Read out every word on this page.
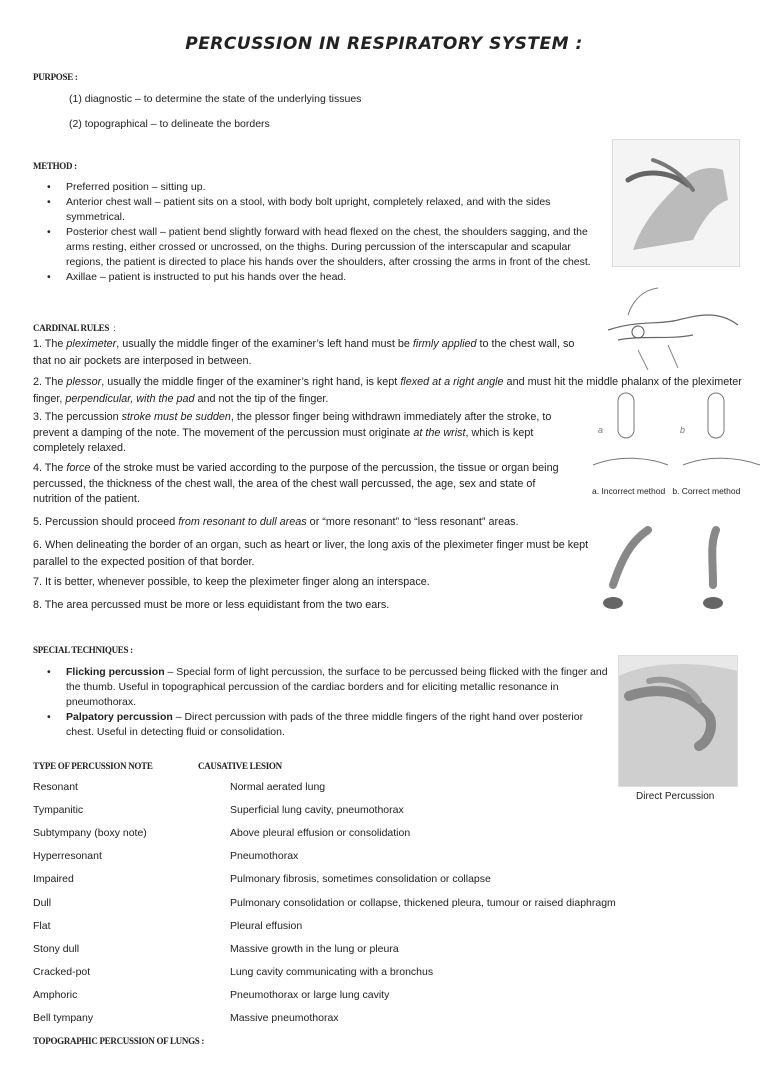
PERCUSSION IN RESPIRATORY SYSTEM :
PURPOSE :
(1) diagnostic – to determine the state of the underlying tissues
(2) topographical – to delineate the borders
METHOD :
• Preferred position – sitting up.
• Anterior chest wall – patient sits on a stool, with body bolt upright, completely relaxed, and with the sides symmetrical.
• Posterior chest wall – patient bend slightly forward with head flexed on the chest, the shoulders sagging, and the arms resting, either crossed or uncrossed, on the thighs. During percussion of the interscapular and scapular regions, the patient is directed to place his hands over the shoulders, after crossing the arms in front of the chest.
• Axillae – patient is instructed to put his hands over the head.
a	b
a. Incorrect method   b. Correct method
CARDINAL RULES :
1. The pleximeter, usually the middle finger of the examiner’s left hand must be firmly applied to the chest wall, so that no air pockets are interposed in between.
2. The plessor, usually the middle finger of the examiner’s right hand, is kept flexed at a right angle and must hit the middle phalanx of the pleximeter finger, perpendicular, with the pad and not the tip of the finger.
3. The percussion stroke must be sudden, the plessor finger being withdrawn immediately after the stroke, to prevent a damping of the note. The movement of the percussion must originate at the wrist, which is kept completely relaxed.
4. The force of the stroke must be varied according to the purpose of the percussion, the tissue or organ being percussed, the thickness of the chest wall, the area of the chest wall percussed, the age, sex and state of nutrition of the patient.
5. Percussion should proceed from resonant to dull areas or “more resonant” to “less resonant” areas.
6. When delineating the border of an organ, such as heart or liver, the long axis of the pleximeter finger must be kept parallel to the expected position of that border.
7. It is better, whenever possible, to keep the pleximeter finger along an interspace.
8. The area percussed must be more or less equidistant from the two ears.
SPECIAL TECHNIQUES :
• Flicking percussion – Special form of light percussion, the surface to be percussed being flicked with the finger and the thumb. Useful in topographical percussion of the cardiac borders and for eliciting metallic resonance in pneumothorax.
• Palpatory percussion – Direct percussion with pads of the three middle fingers of the right hand over posterior chest. Useful in detecting fluid or consolidation.
Direct Percussion
TYPE OF PERCUSSION NOTE	CAUSATIVE LESION
Resonant	Normal aerated lung
Tympanitic	Superficial lung cavity, pneumothorax
Subtympany (boxy note)	Above pleural effusion or consolidation
Hyperresonant	Pneumothorax
Impaired	Pulmonary fibrosis, sometimes consolidation or collapse
Dull	Pulmonary consolidation or collapse, thickened pleura, tumour or raised diaphragm
Flat	Pleural effusion
Stony dull	Massive growth in the lung or pleura
Cracked-pot	Lung cavity communicating with a bronchus
Amphoric	Pneumothorax or large lung cavity
Bell tympany	Massive pneumothorax
TOPOGRAPHIC PERCUSSION OF LUNGS :
